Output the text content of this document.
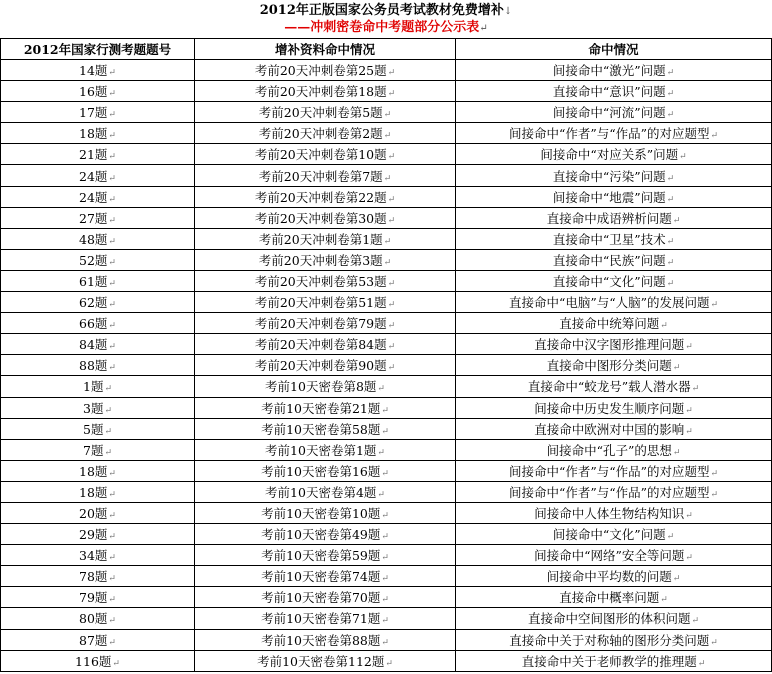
2012年正版国家公务员考试教材免费增补↓
——冲刺密卷命中考题部分公示表↵
2012年国家行测考题题号	增补资料命中情况	命中情况
14题↵	考前20天冲刺卷第25题↵	间接命中“激光”问题↵
16题↵	考前20天冲刺卷第18题↵	直接命中“意识”问题↵
17题↵	考前20天冲刺卷第5题↵	间接命中“河流”问题↵
18题↵	考前20天冲刺卷第2题↵	间接命中“作者”与“作品”的对应题型↵
21题↵	考前20天冲刺卷第10题↵	间接命中“对应关系”问题↵
24题↵	考前20天冲刺卷第7题↵	直接命中“污染”问题↵
24题↵	考前20天冲刺卷第22题↵	间接命中“地震”问题↵
27题↵	考前20天冲刺卷第30题↵	直接命中成语辨析问题↵
48题↵	考前20天冲刺卷第1题↵	直接命中“卫星”技术↵
52题↵	考前20天冲刺卷第3题↵	直接命中“民族”问题↵
61题↵	考前20天冲刺卷第53题↵	直接命中“文化”问题↵
62题↵	考前20天冲刺卷第51题↵	直接命中“电脑”与“人脑”的发展问题↵
66题↵	考前20天冲刺卷第79题↵	直接命中统筹问题↵
84题↵	考前20天冲刺卷第84题↵	直接命中汉字图形推理问题↵
88题↵	考前20天冲刺卷第90题↵	直接命中图形分类问题↵
1题↵	考前10天密卷第8题↵	直接命中“蛟龙号”载人潜水器↵
3题↵	考前10天密卷第21题↵	间接命中历史发生顺序问题↵
5题↵	考前10天密卷第58题↵	直接命中欧洲对中国的影响↵
7题↵	考前10天密卷第1题↵	间接命中“孔子”的思想↵
18题↵	考前10天密卷第16题↵	间接命中“作者”与“作品”的对应题型↵
18题↵	考前10天密卷第4题↵	间接命中“作者”与“作品”的对应题型↵
20题↵	考前10天密卷第10题↵	间接命中人体生物结构知识↵
29题↵	考前10天密卷第49题↵	间接命中“文化”问题↵
34题↵	考前10天密卷第59题↵	间接命中“网络”安全等问题↵
78题↵	考前10天密卷第74题↵	间接命中平均数的问题↵
79题↵	考前10天密卷第70题↵	直接命中概率问题↵
80题↵	考前10天密卷第71题↵	直接命中空间图形的体积问题↵
87题↵	考前10天密卷第88题↵	直接命中关于对称轴的图形分类问题↵
116题↵	考前10天密卷第112题↵	直接命中关于老师教学的推理题↵
